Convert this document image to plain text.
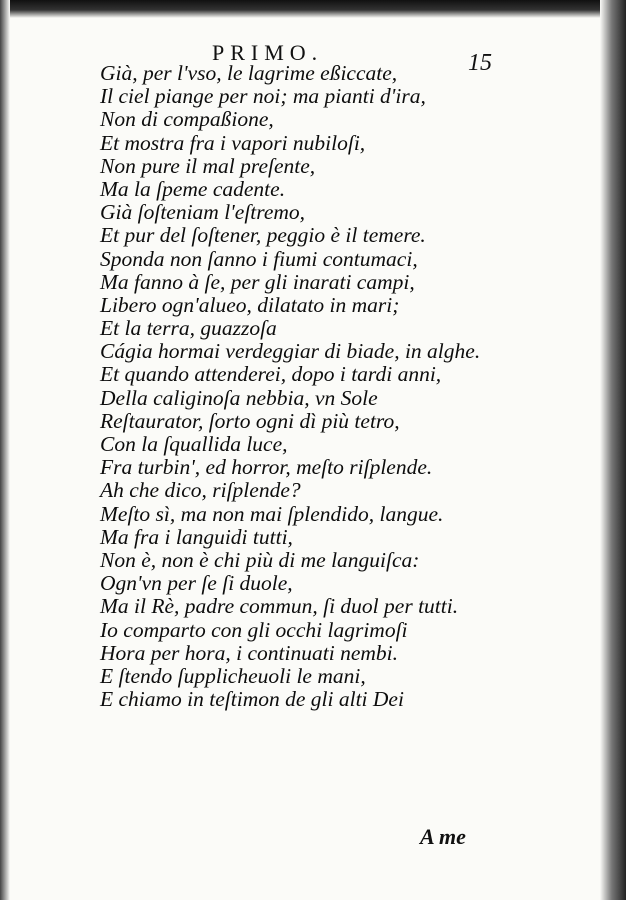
PRIMO.	15
Già, per l'vso, le lagrime eßiccate,
Il ciel piange per noi; ma pianti d'ira,
Non di compaßione,
Et mostra fra i vapori nubiloſi,
Non pure il mal preſente,
Ma la ſpeme cadente.
Già ſoſteniam l'eſtremo,
Et pur del ſoſtener, peggio è il temere.
Sponda non ſanno i fiumi contumaci,
Ma fanno à ſe, per gli inarati campi,
Libero ogn'alueo, dilatato in mari;
Et la terra, guazzoſa
Cágia hormai verdeggiar di biade, in alghe.
Et quando attenderei, dopo i tardi anni,
Della caliginoſa nebbia, vn Sole
Reſtaurator, ſorto ogni dì più tetro,
Con la ſquallida luce,
Fra turbin', ed horror, meſto riſplende.
Ah che dico, riſplende?
Meſto sì, ma non mai ſplendido, langue.
Ma fra i languidi tutti,
Non è, non è chi più di me languiſca:
Ogn'vn per ſe ſi duole,
Ma il Rè, padre commun, ſi duol per tutti.
Io comparto con gli occhi lagrimoſi
Hora per hora, i continuati nembi.
E ſtendo ſupplicheuoli le mani,
E chiamo in teſtimon de gli alti Dei
A me
